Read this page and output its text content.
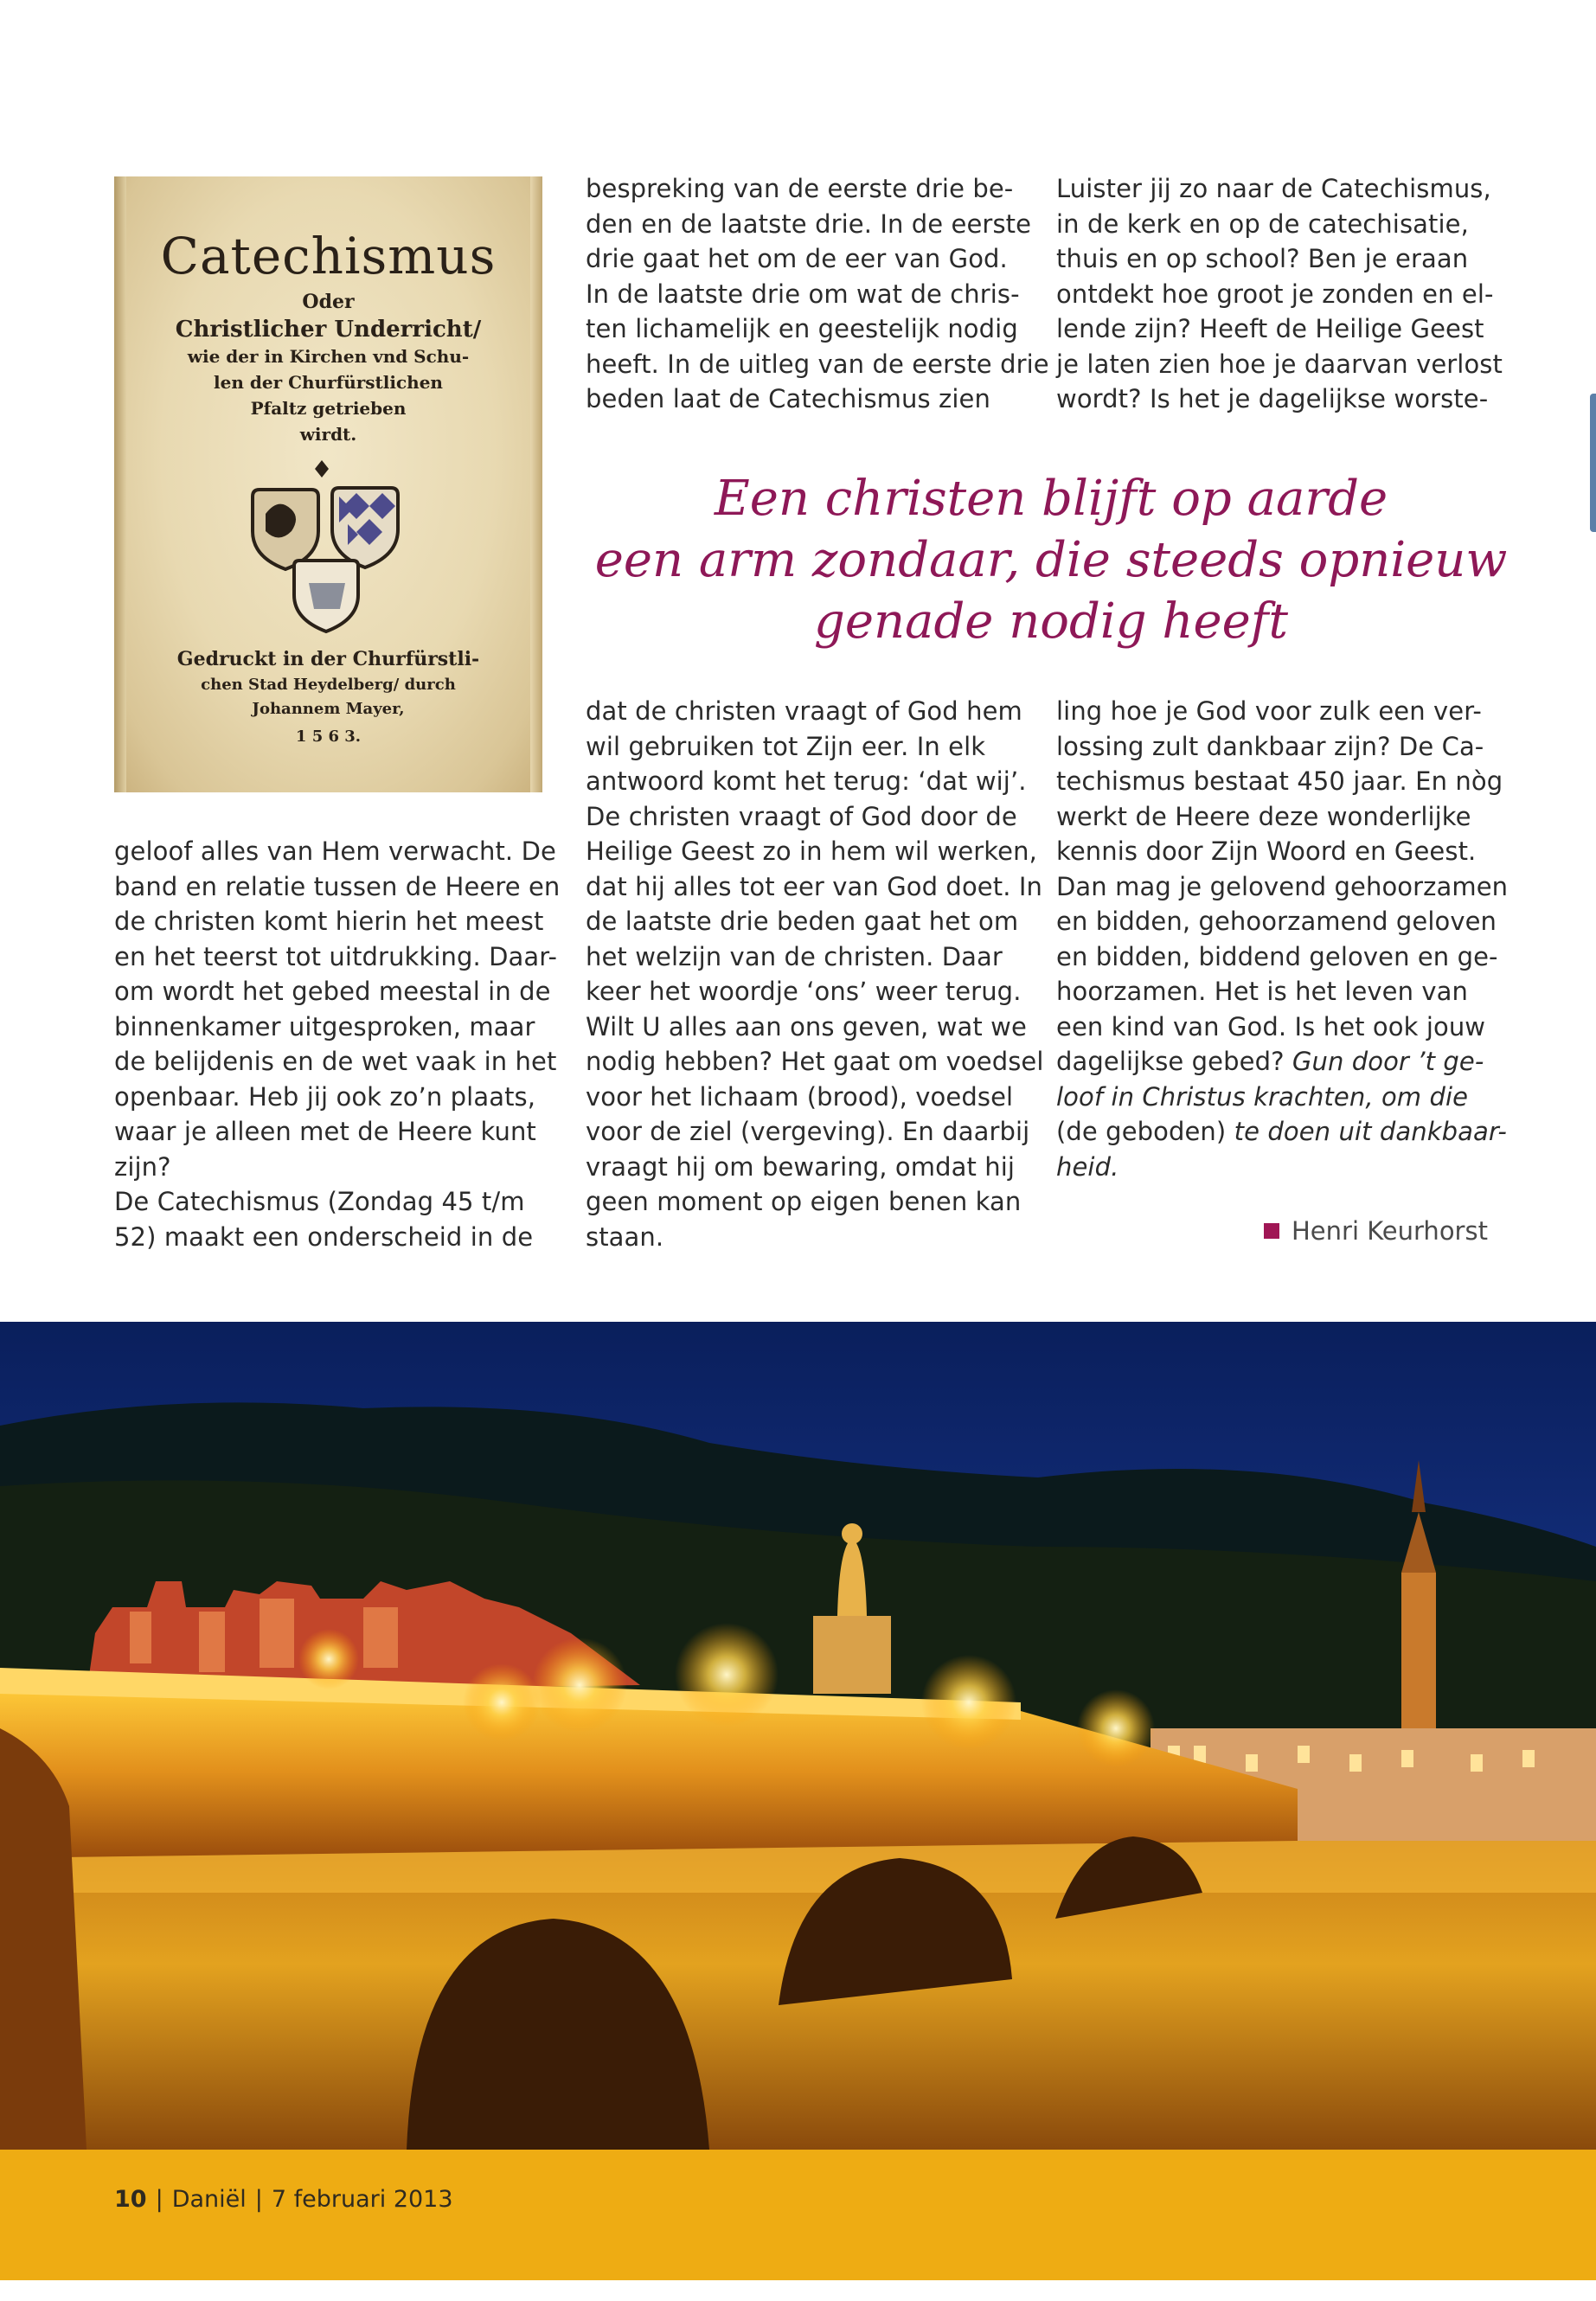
Catechismus
Oder
Christlicher Underricht/
wie der in Kirchen vnd Schu-
len der Churfürstlichen
Pfaltz getrieben
wirdt.
Gedruckt in der Churfürstli-
chen Stad Heydelberg/ durch
Johannem Mayer,
1 5 6 3.
geloof alles van Hem verwacht. De
band en relatie tussen de Heere en
de christen komt hierin het meest
en het teerst tot uitdrukking. Daar-
om wordt het gebed meestal in de
binnenkamer uitgesproken, maar
de belijdenis en de wet vaak in het
openbaar. Heb jij ook zo’n plaats,
waar je alleen met de Heere kunt
zijn?
De Catechismus (Zondag 45 t/m
52) maakt een onderscheid in de
bespreking van de eerste drie be-
den en de laatste drie. In de eerste
drie gaat het om de eer van God.
In de laatste drie om wat de chris-
ten lichamelijk en geestelijk nodig
heeft. In de uitleg van de eerste drie
beden laat de Catechismus zien
Luister jij zo naar de Catechismus,
in de kerk en op de catechisatie,
thuis en op school? Ben je eraan
ontdekt hoe groot je zonden en el-
lende zijn? Heeft de Heilige Geest
je laten zien hoe je daarvan verlost
wordt? Is het je dagelijkse worste-
Een christen blijft op aarde
een arm zondaar, die steeds opnieuw
genade nodig heeft
dat de christen vraagt of God hem
wil gebruiken tot Zijn eer. In elk
antwoord komt het terug: ‘dat wij’.
De christen vraagt of God door de
Heilige Geest zo in hem wil werken,
dat hij alles tot eer van God doet. In
de laatste drie beden gaat het om
het welzijn van de christen. Daar
keer het woordje ‘ons’ weer terug.
Wilt U alles aan ons geven, wat we
nodig hebben? Het gaat om voedsel
voor het lichaam (brood), voedsel
voor de ziel (vergeving). En daarbij
vraagt hij om bewaring, omdat hij
geen moment op eigen benen kan
staan.
ling hoe je God voor zulk een ver-
lossing zult dankbaar zijn? De Ca-
techismus bestaat 450 jaar. En nòg
werkt de Heere deze wonderlijke
kennis door Zijn Woord en Geest.
Dan mag je gelovend gehoorzamen
en bidden, gehoorzamend geloven
en bidden, biddend geloven en ge-
hoorzamen. Het is het leven van
een kind van God. Is het ook jouw
dagelijkse gebed? Gun door ’t ge-
loof in Christus krachten, om die
(de geboden) te doen uit dankbaar-
heid.
Henri Keurhorst
10 | Daniël | 7 februari 2013
